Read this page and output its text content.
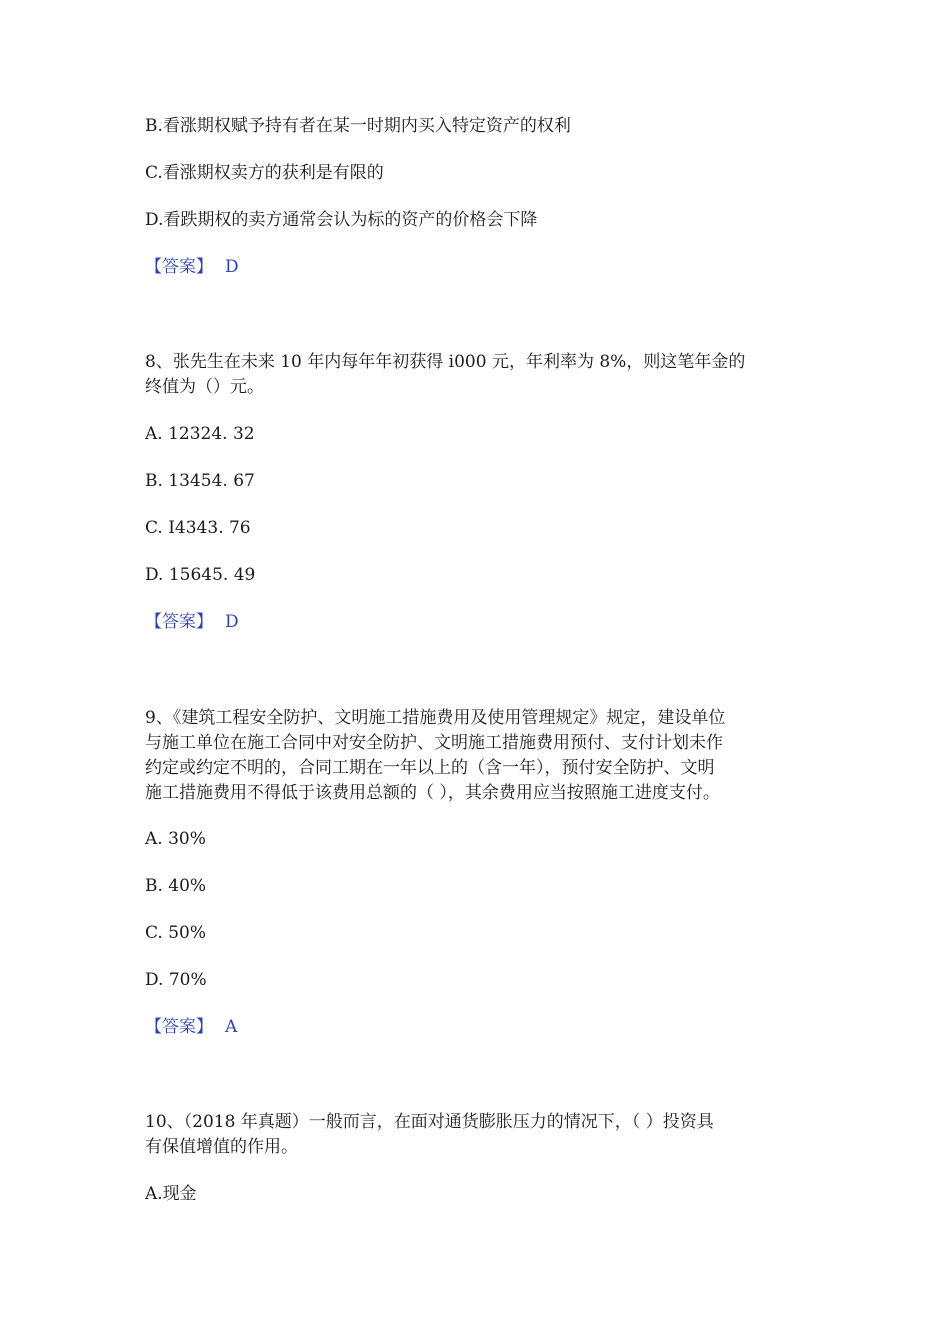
B.看涨期权赋予持有者在某一时期内买入特定资产的权利
C.看涨期权卖方的获利是有限的
D.看跌期权的卖方通常会认为标的资产的价格会下降
【答案】 D
8、张先生在未来 10 年内每年年初获得 i000 元，年利率为 8%，则这笔年金的
终值为（）元。
A. 12324. 32
B. 13454. 67
C. I4343. 76
D. 15645. 49
【答案】 D
9、《建筑工程安全防护、文明施工措施费用及使用管理规定》规定，建设单位
与施工单位在施工合同中对安全防护、文明施工措施费用预付、支付计划未作
约定或约定不明的，合同工期在一年以上的（含一年），预付安全防护、文明
施工措施费用不得低于该费用总额的（ ），其余费用应当按照施工进度支付。
A. 30%
B. 40%
C. 50%
D. 70%
【答案】 A
10、（2018 年真题）一般而言，在面对通货膨胀压力的情况下，（ ）投资具
有保值增值的作用。
A.现金
